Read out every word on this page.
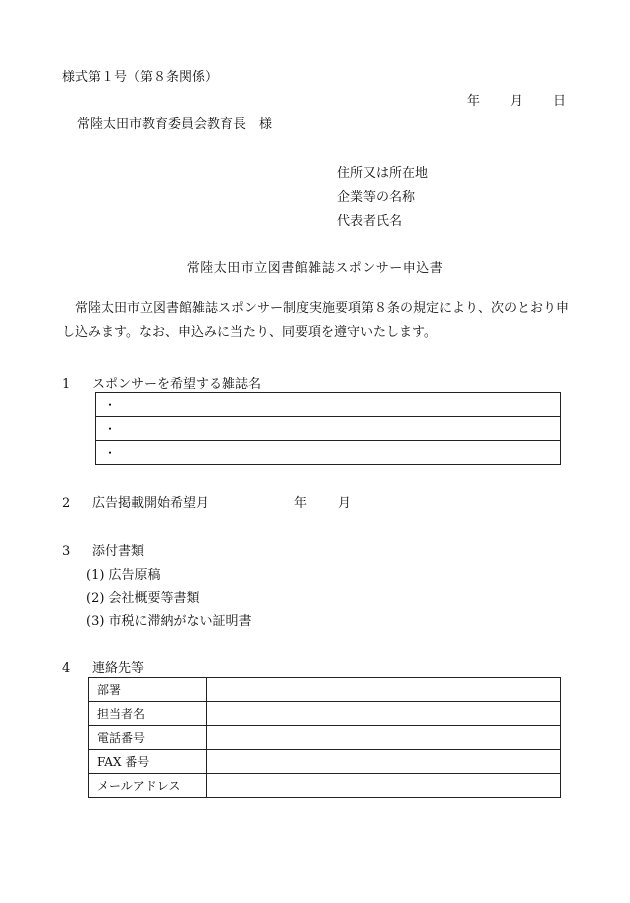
様式第１号（第８条関係）
年 月 日
常陸太田市教育委員会教育長　様
住所又は所在地
企業等の名称
代表者氏名
常陸太田市立図書館雑誌スポンサー申込書
常陸太田市立図書館雑誌スポンサー制度実施要項第８条の規定により、次のとおり申し込みます。なお、申込みに当たり、同要項を遵守いたします。
1 スポンサーを希望する雑誌名
・
・
・
2 広告掲載開始希望月	年 月
3 添付書類
(1) 広告原稿
(2) 会社概要等書類
(3) 市税に滞納がない証明書
4 連絡先等
部署	
担当者名	
電話番号	
FAX 番号	
メールアドレス	
